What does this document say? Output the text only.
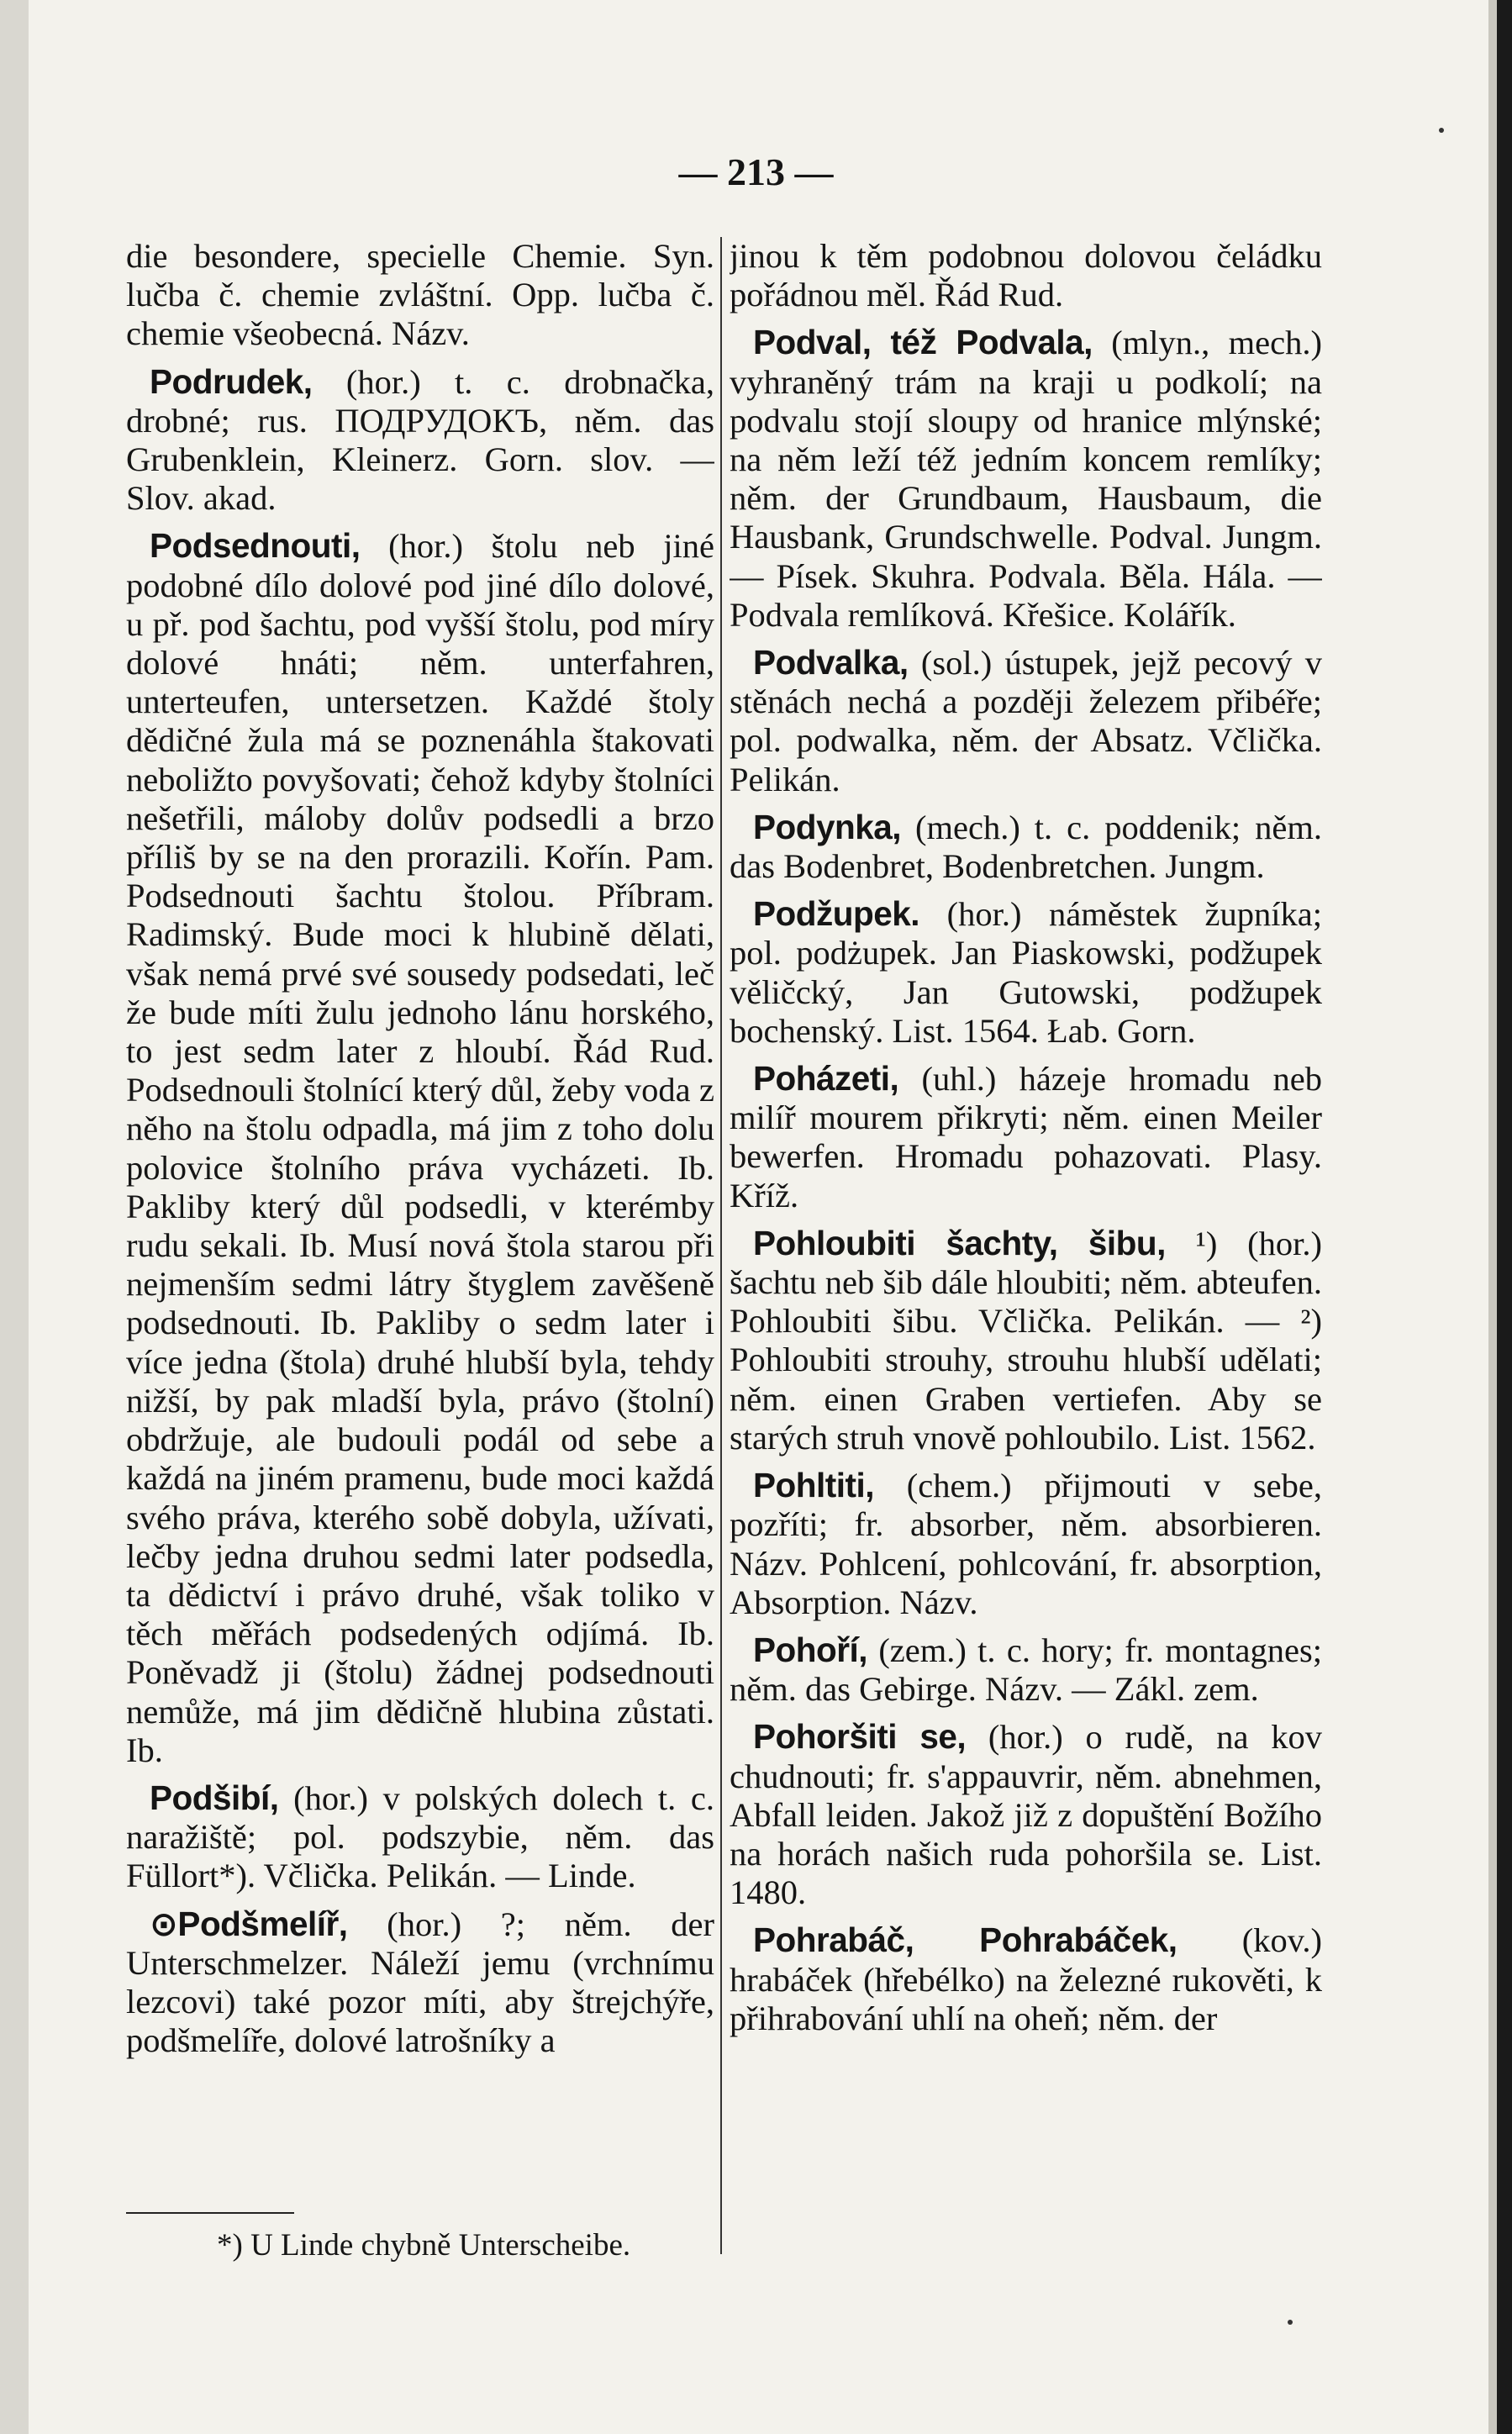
— 213 —

die besondere, specielle Chemie. Syn. lučba č. chemie zvláštní. Opp. lučba č. chemie všeobecná. Názv.

Podrudek, (hor.) t. c. drobnačka, drobné; rus. ПОДРУДОКЪ, něm. das Grubenklein, Kleinerz. Gorn. slov. — Slov. akad.

Podsednouti, (hor.) štolu neb jiné podobné dílo dolové pod jiné dílo dolové, u př. pod šachtu, pod vyšší štolu, pod míry dolové hnáti; něm. unterfahren, unterteufen, untersetzen. Každé štoly dědičné žula má se poznenáhla štakovati neboližto povyšovati; čehož kdyby štolníci nešetřili, máloby dolův podsedli a brzo příliš by se na den prorazili. Kořín. Pam. Podsednouti šachtu štolou. Příbram. Radimský. Bude moci k hlubině dělati, však nemá prvé své sousedy podsedati, leč že bude míti žulu jednoho lánu horského, to jest sedm later z hloubí. Řád Rud. Podsednouli štolnící který důl, žeby voda z něho na štolu odpadla, má jim z toho dolu polovice štolního práva vycházeti. Ib. Pakliby který důl podsedli, v kterémby rudu sekali. Ib. Musí nová štola starou při nejmenším sedmi látry štyglem zavěšeně podsednouti. Ib. Pakliby o sedm later i více jedna (štola) druhé hlubší byla, tehdy nižší, by pak mladší byla, právo (štolní) obdržuje, ale budouli podál od sebe a každá na jiném pramenu, bude moci každá svého práva, kterého sobě dobyla, užívati, lečby jedna druhou sedmi later podsedla, ta dědictví i právo druhé, však toliko v těch měřách podsedených odjímá. Ib. Poněvadž ji (štolu) žádnej podsednouti nemůže, má jim dědičně hlubina zůstati. Ib.

Podšibí, (hor.) v polských dolech t. c. naražiště; pol. podszybie, něm. das Füllort*). Včlička. Pelikán. — Linde.

⊙Podšmelíř, (hor.) ?; něm. der Unterschmelzer. Náleží jemu (vrchnímu lezcovi) také pozor míti, aby štrejchýře, podšmelíře, dolové latrošníky a

jinou k těm podobnou dolovou čeládku pořádnou měl. Řád Rud.

Podval, též Podvala, (mlyn., mech.) vyhraněný trám na kraji u podkolí; na podvalu stojí sloupy od hranice mlýnské; na něm leží též jedním koncem remlíky; něm. der Grundbaum, Hausbaum, die Hausbank, Grundschwelle. Podval. Jungm. — Písek. Skuhra. Podvala. Běla. Hála. — Podvala remlíková. Křešice. Kolářík.

Podvalka, (sol.) ústupek, jejž pecový v stěnách nechá a později železem přibéře; pol. podwalka, něm. der Absatz. Včlička. Pelikán.

Podynka, (mech.) t. c. poddenik; něm. das Bodenbret, Bodenbretchen. Jungm.

Podžupek. (hor.) náměstek župníka; pol. podżupek. Jan Piaskowski, podžupek věličcký, Jan Gutowski, podžupek bochenský. List. 1564. Łab. Gorn.

Poházeti, (uhl.) házeje hromadu neb milíř mourem přikryti; něm. einen Meiler bewerfen. Hromadu pohazovati. Plasy. Kříž.

Pohloubiti šachty, šibu, ¹) (hor.) šachtu neb šib dále hloubiti; něm. abteufen. Pohloubiti šibu. Včlička. Pelikán. — ²) Pohloubiti strouhy, strouhu hlubší udělati; něm. einen Graben vertiefen. Aby se starých struh vnově pohloubilo. List. 1562.

Pohltiti, (chem.) přijmouti v sebe, pozříti; fr. absorber, něm. absorbieren. Názv. Pohlcení, pohlcování, fr. absorption, Absorption. Názv.

Pohoří, (zem.) t. c. hory; fr. montagnes; něm. das Gebirge. Názv. — Zákl. zem.

Pohoršiti se, (hor.) o rudě, na kov chudnouti; fr. s'appauvrir, něm. abnehmen, Abfall leiden. Jakož již z dopuštění Božího na horách našich ruda pohoršila se. List. 1480.

Pohrabáč, Pohrabáček, (kov.) hrabáček (hřebélko) na železné rukověti, k přihrabování uhlí na oheň; něm. der

*) U Linde chybně Unterscheibe.
